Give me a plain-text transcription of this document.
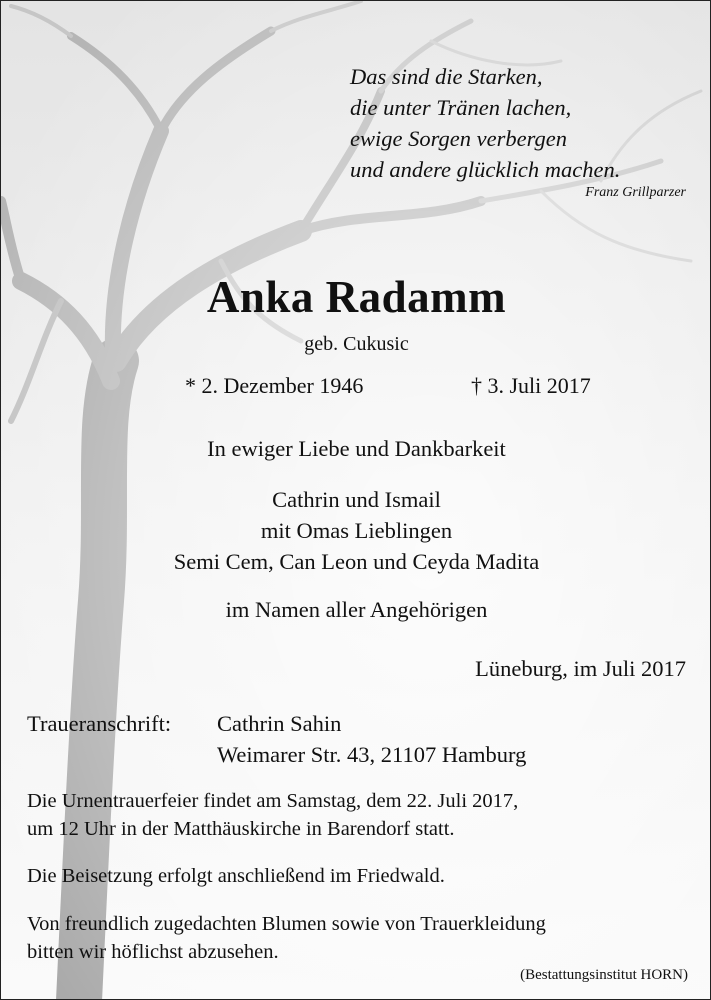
Das sind die Starken,
die unter Tränen lachen,
ewige Sorgen verbergen
und andere glücklich machen.
Franz Grillparzer
Anka Radamm
geb. Cukusic
* 2. Dezember 1946	† 3. Juli 2017
In ewiger Liebe und Dankbarkeit
Cathrin und Ismail
mit Omas Lieblingen
Semi Cem, Can Leon und Ceyda Madita
im Namen aller Angehörigen
Lüneburg, im Juli 2017
Traueranschrift: Cathrin Sahin
Weimarer Str. 43, 21107 Hamburg
Die Urnentrauerfeier findet am Samstag, dem 22. Juli 2017,
um 12 Uhr in der Matthäuskirche in Barendorf statt.
Die Beisetzung erfolgt anschließend im Friedwald.
Von freundlich zugedachten Blumen sowie von Trauerkleidung
bitten wir höflichst abzusehen.
(Bestattungsinstitut HORN)
